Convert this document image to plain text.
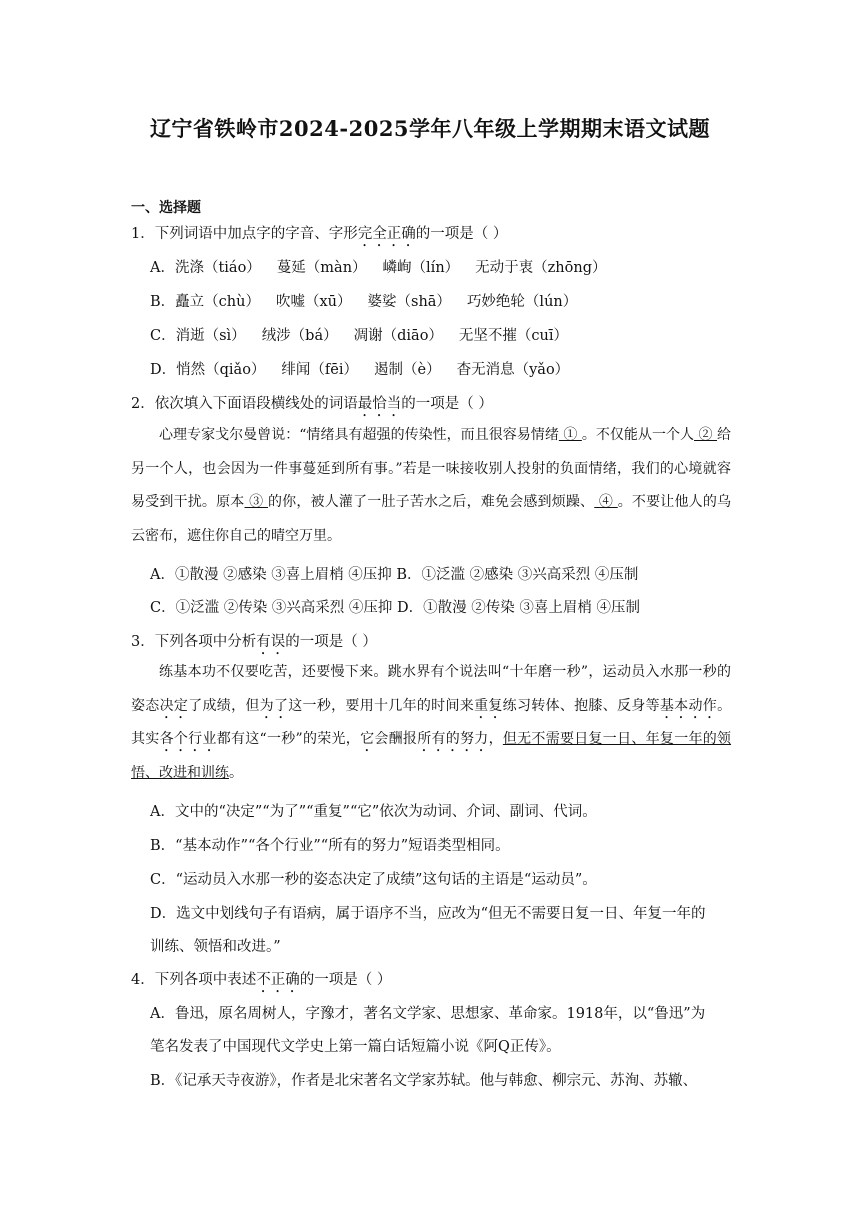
辽宁省铁岭市2024-2025学年八年级上学期期末语文试题
一、选择题
1．下列词语中加点字的字音、字形完全正确的一项是（ ）
A．洗涤（tiáo） 蔓延（màn） 嶙峋（lín） 无动于衷（zhōng）
B．矗立（chù） 吹嘘（xū） 婆娑（shā） 巧妙绝轮（lún）
C．消逝（sì） 绒涉（bá） 凋谢（diāo） 无坚不摧（cuī）
D．悄然（qiǎo） 绯闻（fēi） 遏制（è） 杳无消息（yǎo）
2．依次填入下面语段横线处的词语最恰当的一项是（ ）

心理专家戈尔曼曾说：“情绪具有超强的传染性，而且很容易情绪 ① 。不仅能从一个人 ② 给另一个人，也会因为一件事蔓延到所有事。”若是一味接收别人投射的负面情绪，我们的心境就容易受到干扰。原本 ③ 的你，被人灌了一肚子苦水之后，难免会感到烦躁、 ④ 。不要让他人的乌云密布，遮住你自己的晴空万里。

A．①散漫 ②感染 ③喜上眉梢 ④压抑 B．①泛滥 ②感染 ③兴高采烈 ④压制
C．①泛滥 ②传染 ③兴高采烈 ④压抑 D．①散漫 ②传染 ③喜上眉梢 ④压制
3．下列各项中分析有误的一项是（ ）

练基本功不仅要吃苦，还要慢下来。跳水界有个说法叫“十年磨一秒”，运动员入水那一秒的姿态决定了成绩，但为了这一秒，要用十几年的时间来重复练习转体、抱膝、反身等基本动作。其实各个行业都有这“一秒”的荣光，它会酬报所有的努力，但无不需要日复一日、年复一年的领悟、改进和训练。

A．文中的“决定”“为了”“重复”“它”依次为动词、介词、副词、代词。
B．“基本动作”“各个行业”“所有的努力”短语类型相同。
C．“运动员入水那一秒的姿态决定了成绩”这句话的主语是“运动员”。
D．选文中划线句子有语病，属于语序不当，应改为“但无不需要日复一日、年复一年的
训练、领悟和改进。”
4．下列各项中表述不正确的一项是（ ）
A．鲁迅，原名周树人，字豫才，著名文学家、思想家、革命家。1918年，以“鲁迅”为
笔名发表了中国现代文学史上第一篇白话短篇小说《阿Q正传》。
B．《记承天寺夜游》，作者是北宋著名文学家苏轼。他与韩愈、柳宗元、苏洵、苏辙、
